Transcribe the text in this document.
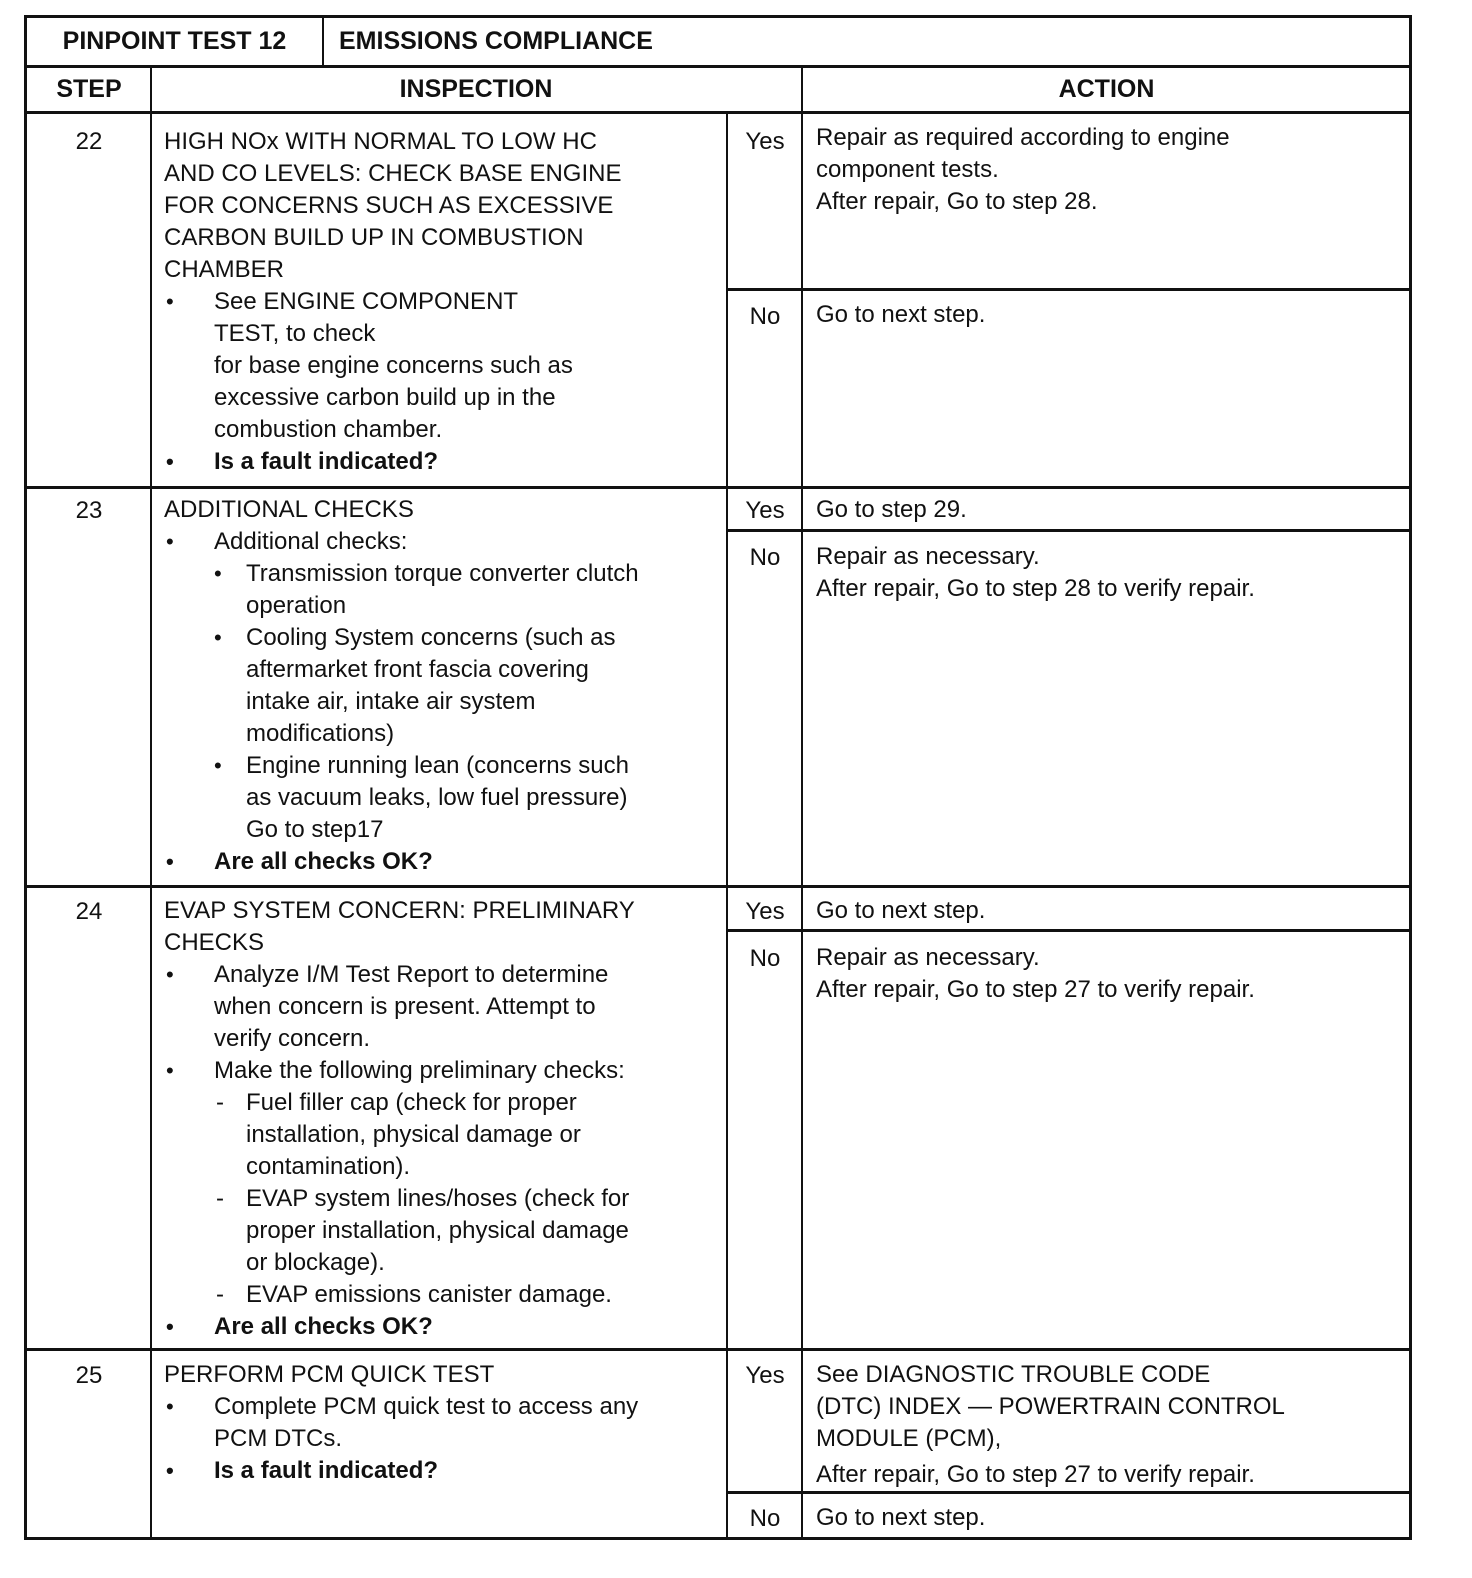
PINPOINT TEST 12	EMISSIONS COMPLIANCE
STEP	INSPECTION	ACTION
22	HIGH NOx WITH NORMAL TO LOW HC

AND CO LEVELS: CHECK BASE ENGINE

FOR CONCERNS SUCH AS EXCESSIVE

CARBON BUILD UP IN COMBUSTION

CHAMBER

• See ENGINE COMPONENT

TEST, to check

for base engine concerns such as

excessive carbon build up in the

combustion chamber.

• Is a fault indicated?

Yes	Repair as required according to engine

component tests.

After repair, Go to step 28.

No	Go to next step.

23	ADDITIONAL CHECKS

• Additional checks:

• Transmission torque converter clutch

operation

• Cooling System concerns (such as

aftermarket front fascia covering

intake air, intake air system

modifications)

• Engine running lean (concerns such

as vacuum leaks, low fuel pressure)

Go to step17

• Are all checks OK?

Yes	Go to step 29.

No	Repair as necessary.

After repair, Go to step 28 to verify repair.

24	EVAP SYSTEM CONCERN: PRELIMINARY

CHECKS

• Analyze I/M Test Report to determine

when concern is present. Attempt to

verify concern.

• Make the following preliminary checks:

- Fuel filler cap (check for proper

installation, physical damage or

contamination).

- EVAP system lines/hoses (check for

proper installation, physical damage

or blockage).

- EVAP emissions canister damage.

• Are all checks OK?

Yes	Go to next step.

No	Repair as necessary.

After repair, Go to step 27 to verify repair.

25	PERFORM PCM QUICK TEST

• Complete PCM quick test to access any

PCM DTCs.

• Is a fault indicated?

Yes	See DIAGNOSTIC TROUBLE CODE

(DTC) INDEX — POWERTRAIN CONTROL

MODULE (PCM),

After repair, Go to step 27 to verify repair.

No	Go to next step.
